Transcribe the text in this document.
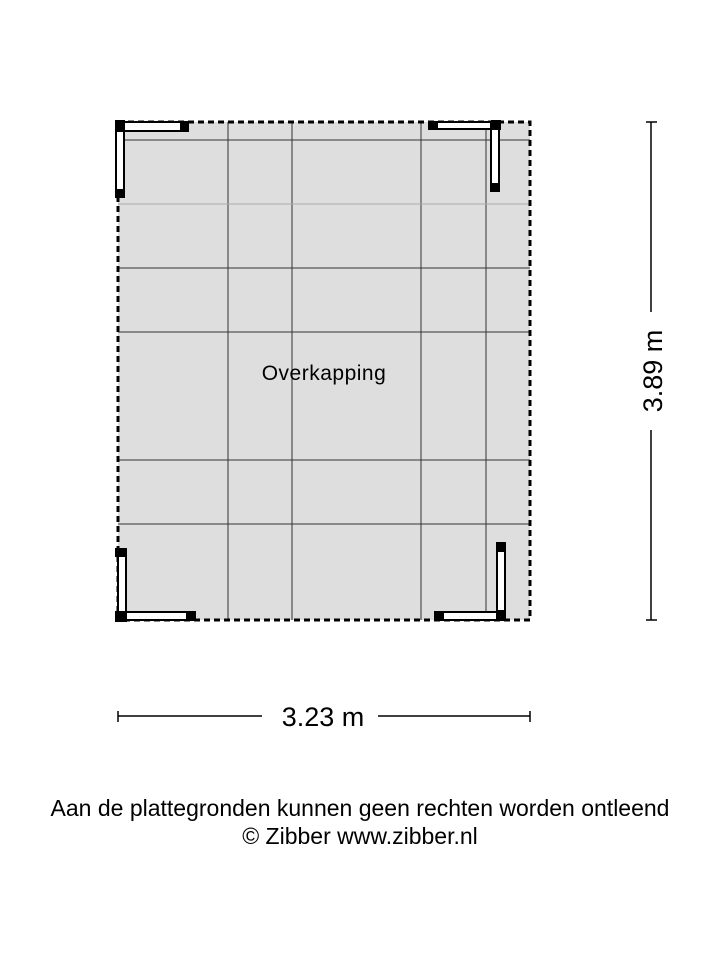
Overkapping
3.23 m
3.89 m
Aan de plattegronden kunnen geen rechten worden ontleend
© Zibber www.zibber.nl
